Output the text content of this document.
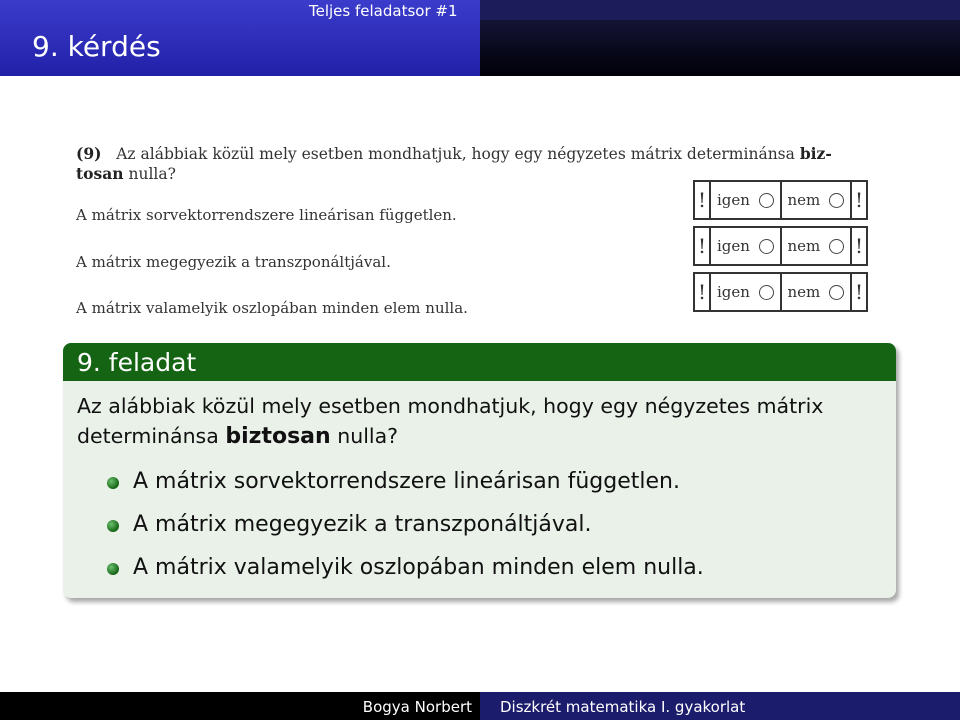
Teljes feladatsor #1
9. kérdés
(9) Az alábbiak közül mely esetben mondhatjuk, hogy egy négyzetes mátrix determinánsa biz-
tosan nulla?
A mátrix sorvektorrendszere lineárisan független.
A mátrix megegyezik a transzponáltjával.
A mátrix valamelyik oszlopában minden elem nulla.
! igen	nem !
! igen	nem !
! igen	nem !
9. feladat
Az alábbiak közül mely esetben mondhatjuk, hogy egy négyzetes mátrix determinánsa biztosan nulla?
A mátrix sorvektorrendszere lineárisan független.
A mátrix megegyezik a transzponáltjával.
A mátrix valamelyik oszlopában minden elem nulla.
Bogya Norbert Diszkrét matematika I. gyakorlat
